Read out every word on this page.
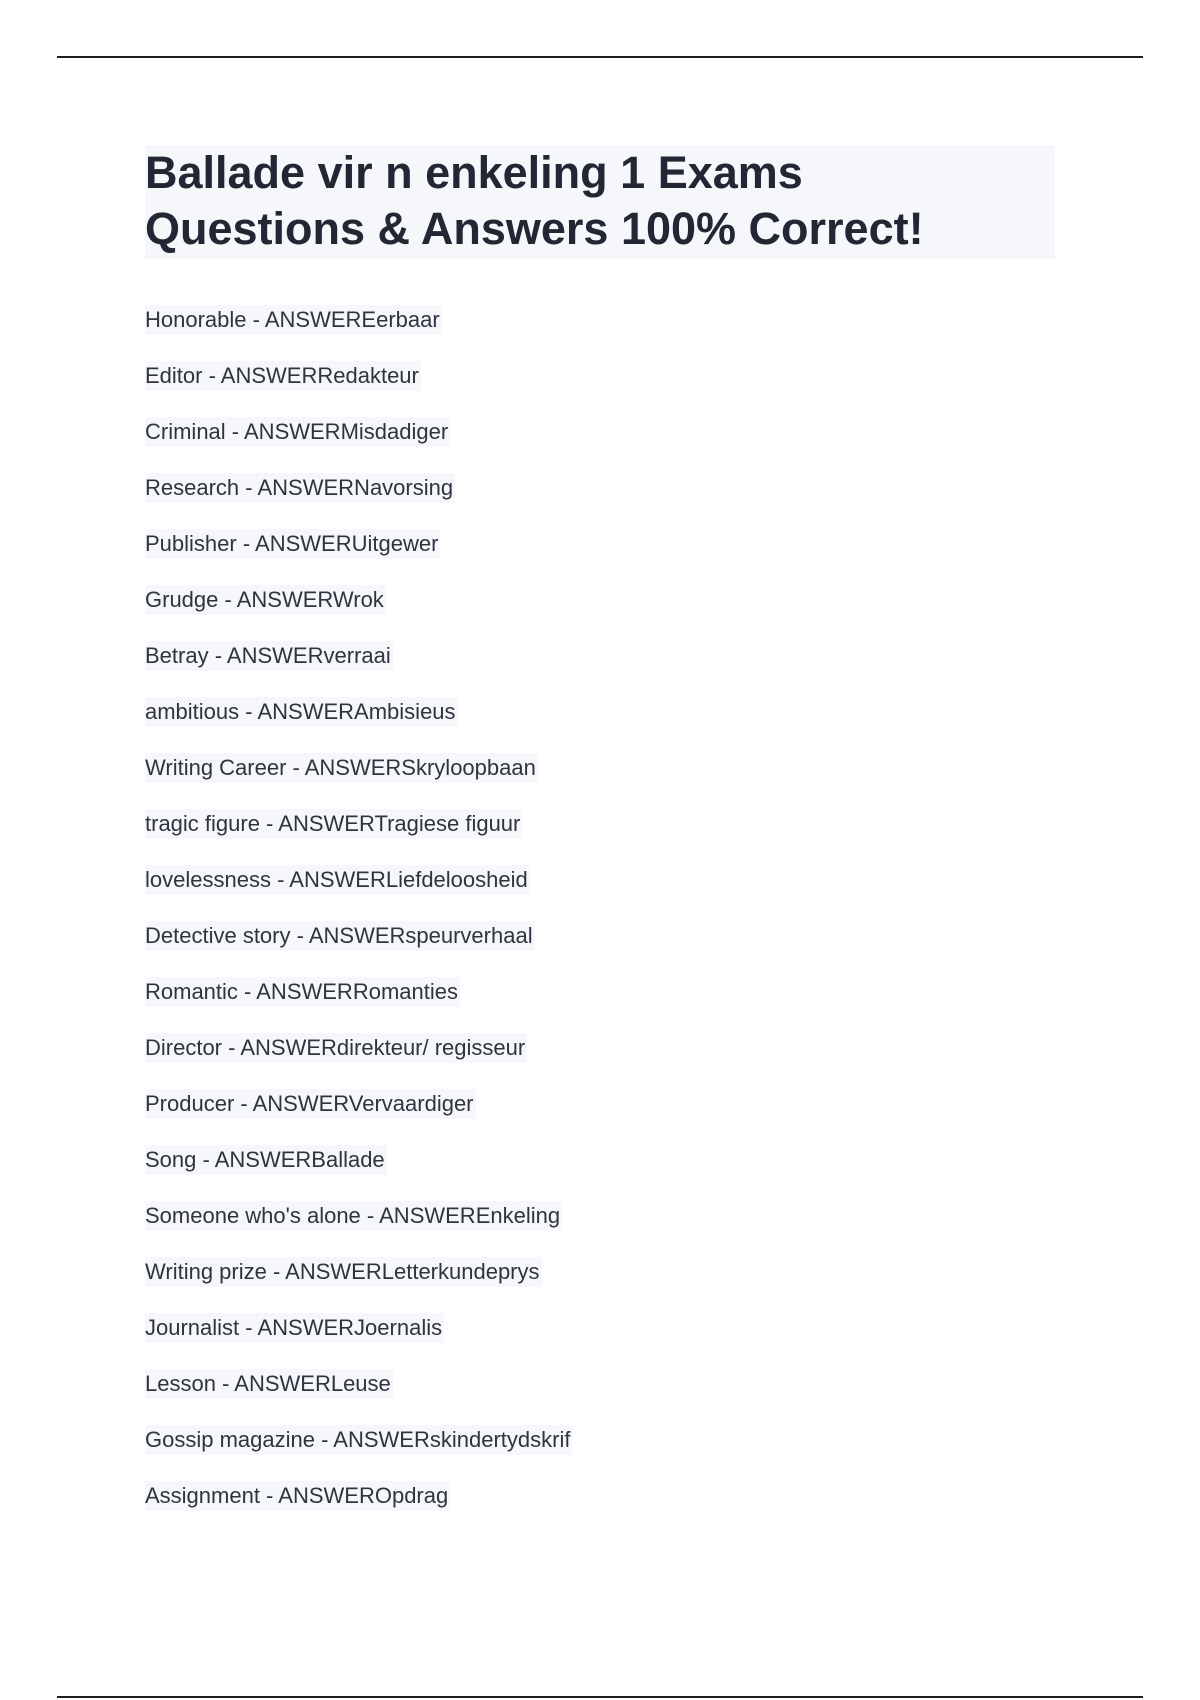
Ballade vir n enkeling 1 Exams
Questions & Answers 100% Correct!
Honorable - ANSWEREerbaar
Editor - ANSWERRedakteur
Criminal - ANSWERMisdadiger
Research - ANSWERNavorsing
Publisher - ANSWERUitgewer
Grudge - ANSWERWrok
Betray - ANSWERverraai
ambitious - ANSWERAmbisieus
Writing Career - ANSWERSkryloopbaan
tragic figure - ANSWERTragiese figuur
lovelessness - ANSWERLiefdeloosheid
Detective story - ANSWERspeurverhaal
Romantic - ANSWERRomanties
Director - ANSWERdirekteur/ regisseur
Producer - ANSWERVervaardiger
Song - ANSWERBallade
Someone who's alone - ANSWEREnkeling
Writing prize - ANSWERLetterkundeprys
Journalist - ANSWERJoernalis
Lesson - ANSWERLeuse
Gossip magazine - ANSWERskindertydskrif
Assignment - ANSWEROpdrag
